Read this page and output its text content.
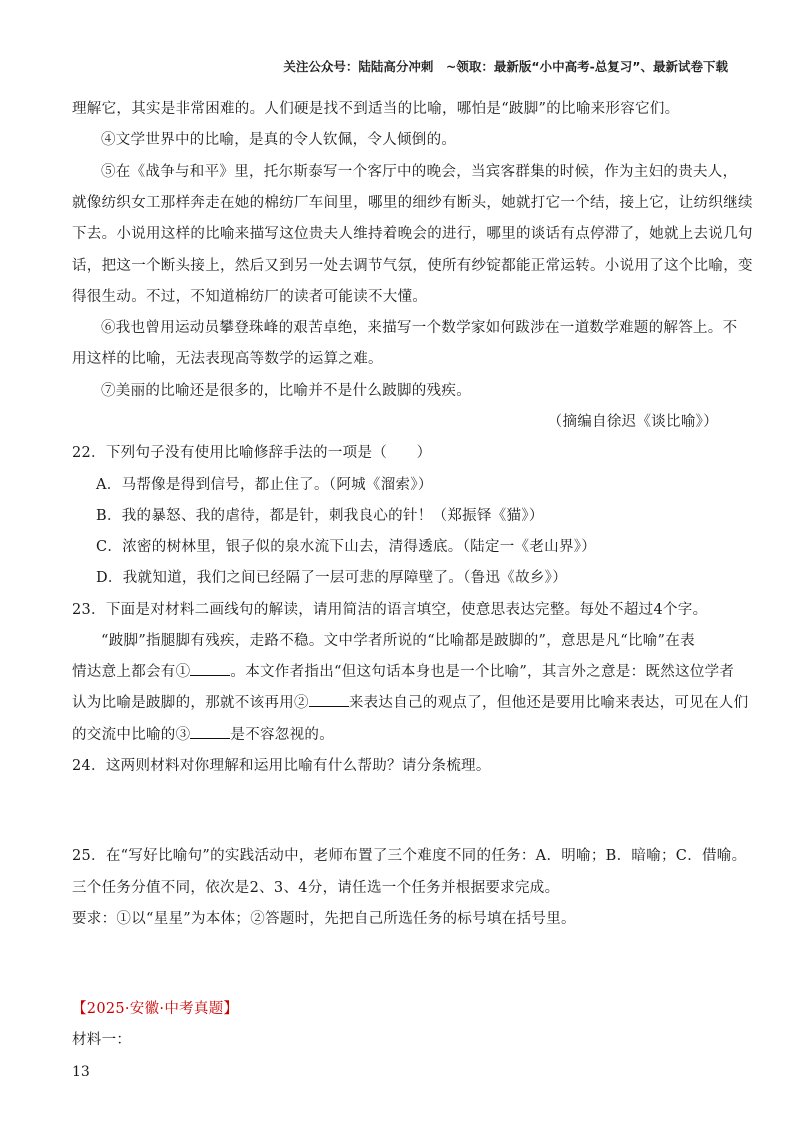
关注公众号：陆陆高分冲刺　~领取：最新版“小中高考-总复习”、最新试卷下载
理解它，其实是非常困难的。人们硬是找不到适当的比喻，哪怕是“跛脚”的比喻来形容它们。
④文学世界中的比喻，是真的令人钦佩，令人倾倒的。
⑤在《战争与和平》里，托尔斯泰写一个客厅中的晚会，当宾客群集的时候，作为主妇的贵夫人，
就像纺织女工那样奔走在她的棉纺厂车间里，哪里的细纱有断头，她就打它一个结，接上它，让纺织继续
下去。小说用这样的比喻来描写这位贵夫人维持着晚会的进行，哪里的谈话有点停滞了，她就上去说几句
话，把这一个断头接上，然后又到另一处去调节气氛，使所有纱锭都能正常运转。小说用了这个比喻，变
得很生动。不过，不知道棉纺厂的读者可能读不大懂。
⑥我也曾用运动员攀登珠峰的艰苦卓绝，来描写一个数学家如何跋涉在一道数学难题的解答上。不
用这样的比喻，无法表现高等数学的运算之难。
⑦美丽的比喻还是很多的，比喻并不是什么跛脚的残疾。
（摘编自徐迟《谈比喻》）
22．下列句子没有使用比喻修辞手法的一项是（　　）
A．马帮像是得到信号，都止住了。（阿城《溜索》）
B．我的暴怒、我的虐待，都是针，刺我良心的针！（郑振铎《猫》）
C．浓密的树林里，银子似的泉水流下山去，清得透底。（陆定一《老山界》）
D．我就知道，我们之间已经隔了一层可悲的厚障壁了。（鲁迅《故乡》）
23．下面是对材料二画线句的解读，请用简洁的语言填空，使意思表达完整。每处不超过4个字。
“跛脚”指腿脚有残疾，走路不稳。文中学者所说的“比喻都是跛脚的”，意思是凡“比喻”在表
情达意上都会有①	。本文作者指出“但这句话本身也是一个比喻”，其言外之意是：既然这位学者
认为比喻是跛脚的，那就不该再用②	来表达自己的观点了，但他还是要用比喻来表达，可见在人们
的交流中比喻的③	是不容忽视的。
24．这两则材料对你理解和运用比喻有什么帮助？请分条梳理。
25．在“写好比喻句”的实践活动中，老师布置了三个难度不同的任务：A．明喻；B．暗喻；C．借喻。
三个任务分值不同，依次是2、3、4分，请任选一个任务并根据要求完成。
要求：①以“星星”为本体；②答题时，先把自己所选任务的标号填在括号里。
【2025·安徽·中考真题】
材料一：
13
